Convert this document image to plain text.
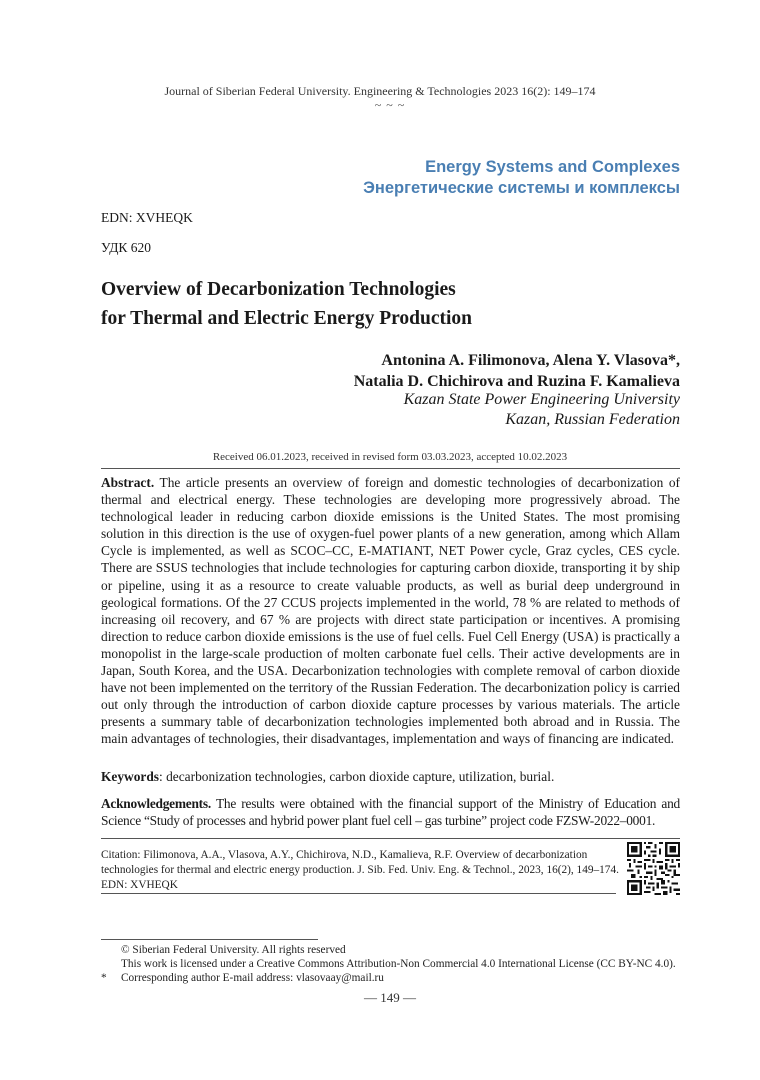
Journal of Siberian Federal University. Engineering & Technologies 2023 16(2): 149–174
~ ~ ~
Energy Systems and Complexes
Энергетические системы и комплексы
EDN: XVHEQK
УДК 620
Overview of Decarbonization Technologies
for Thermal and Electric Energy Production
Antonina A. Filimonova, Alena Y. Vlasova*,
Natalia D. Chichirova and Ruzina F. Kamalieva
Kazan State Power Engineering University
Kazan, Russian Federation
Received 06.01.2023, received in revised form 03.03.2023, accepted 10.02.2023
Abstract. The article presents an overview of foreign and domestic technologies of decarbonization of thermal and electrical energy. These technologies are developing more progressively abroad. The technological leader in reducing carbon dioxide emissions is the United States. The most promising solution in this direction is the use of oxygen-fuel power plants of a new generation, among which Allam Cycle is implemented, as well as SCOC–CC, E-MATIANT, NET Power cycle, Graz cycles, CES cycle. There are SSUS technologies that include technologies for capturing carbon dioxide, transporting it by ship or pipeline, using it as a resource to create valuable products, as well as burial deep underground in geological formations. Of the 27 CCUS projects implemented in the world, 78 % are related to methods of increasing oil recovery, and 67 % are projects with direct state participation or incentives. A promising direction to reduce carbon dioxide emissions is the use of fuel cells. Fuel Cell Energy (USA) is practically a monopolist in the large-scale production of molten carbonate fuel cells. Their active developments are in Japan, South Korea, and the USA. Decarbonization technologies with complete removal of carbon dioxide have not been implemented on the territory of the Russian Federation. The decarbonization policy is carried out only through the introduction of carbon dioxide capture processes by various materials. The article presents a summary table of decarbonization technologies implemented both abroad and in Russia. The main advantages of technologies, their disadvantages, implementation and ways of financing are indicated.
Keywords: decarbonization technologies, carbon dioxide capture, utilization, burial.
Acknowledgements. The results were obtained with the financial support of the Ministry of Education and Science “Study of processes and hybrid power plant fuel cell – gas turbine” project code FZSW-2022–0001.
Citation: Filimonova, A.A., Vlasova, A.Y., Chichirova, N.D., Kamalieva, R.F. Overview of decarbonization technologies for thermal and electric energy production. J. Sib. Fed. Univ. Eng. & Technol., 2023, 16(2), 149–174.
EDN: XVHEQK
© Siberian Federal University. All rights reserved
This work is licensed under a Creative Commons Attribution-Non Commercial 4.0 International License (CC BY-NC 4.0).
* Corresponding author E-mail address: vlasovaay@mail.ru
— 149 —
